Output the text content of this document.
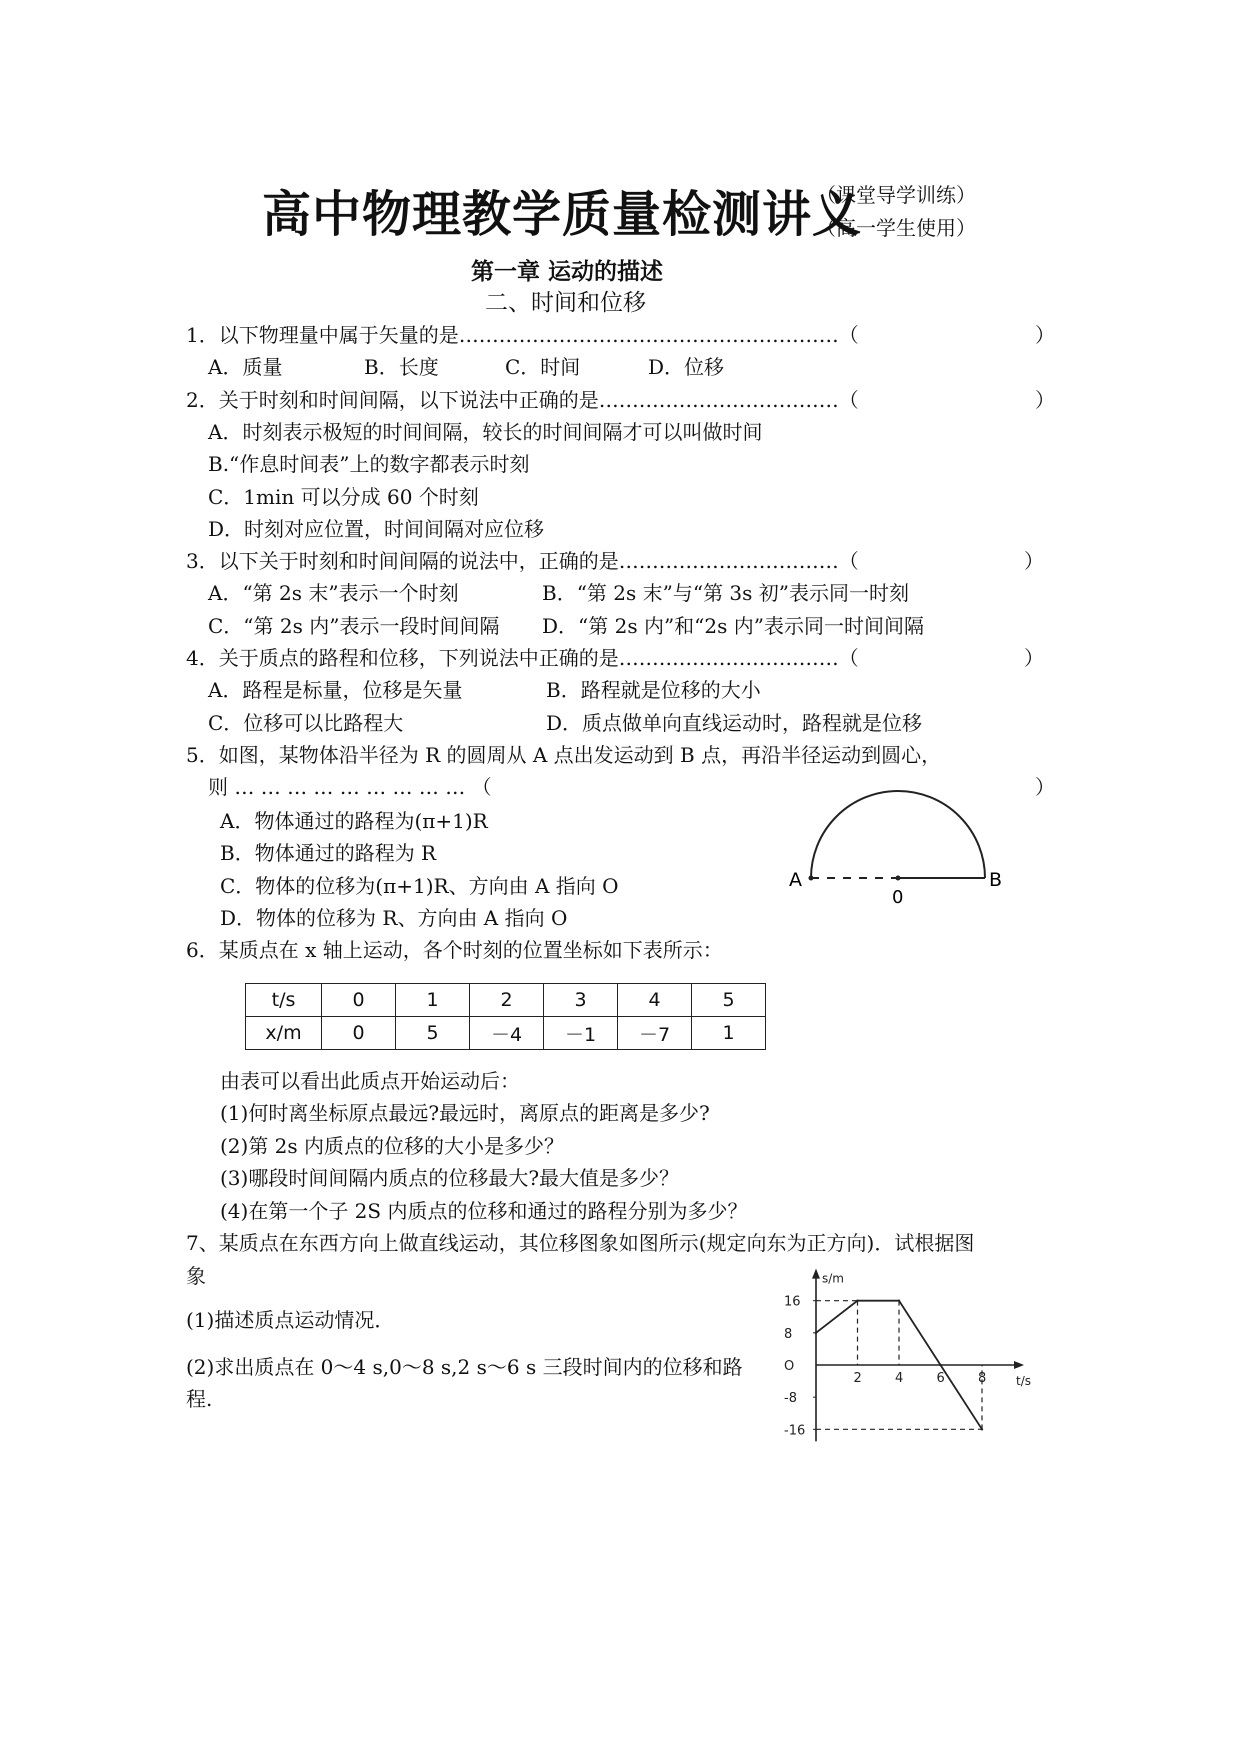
高中物理教学质量检测讲义
（课堂导学训练）
（高一学生使用）
第一章 运动的描述
二、时间和位移
1．以下物理量中属于矢量的是…………………………………………………（	）
A．质量	B．长度	C．时间	D．位移
2．关于时刻和时间间隔，以下说法中正确的是………………………………（	）
A．时刻表示极短的时间间隔，较长的时间间隔才可以叫做时间
B.“作息时间表”上的数字都表示时刻
C．1min 可以分成 60 个时刻
D．时刻对应位置，时间间隔对应位移
3．以下关于时刻和时间间隔的说法中，正确的是……………………………（	）
A．“第 2s 末”表示一个时刻	B．“第 2s 末”与“第 3s 初”表示同一时刻
C．“第 2s 内”表示一段时间间隔 D．“第 2s 内”和“2s 内”表示同一时间间隔
4．关于质点的路程和位移，下列说法中正确的是……………………………（	）
A．路程是标量，位移是矢量	B．路程就是位移的大小
C．位移可以比路程大	D．质点做单向直线运动时，路程就是位移
5．如图，某物体沿半径为 R 的圆周从 A 点出发运动到 B 点，再沿半径运动到圆心，
则 … … … … … … … … … （	）
A．物体通过的路程为(π+1)R
B．物体通过的路程为 R
C．物体的位移为(π+1)R、方向由 A 指向 O
D．物体的位移为 R、方向由 A 指向 O
A
0
B
6．某质点在 x 轴上运动，各个时刻的位置坐标如下表所示：
t/s	0	1	2	3	4	5
x/m	0	5	－4	－1	－7	1
由表可以看出此质点开始运动后：
(1)何时离坐标原点最远?最远时，离原点的距离是多少?
(2)第 2s 内质点的位移的大小是多少？
(3)哪段时间间隔内质点的位移最大?最大值是多少？
(4)在第一个子 2S 内质点的位移和通过的路程分别为多少？
7、某质点在东西方向上做直线运动，其位移图象如图所示(规定向东为正方向)．试根据图
象
(1)描述质点运动情况．
(2)求出质点在 0～4 s,0～8 s,2 s～6 s 三段时间内的位移和路
程.
s/m
t/s
16
8
O
-8
-16
2	4	6	8
